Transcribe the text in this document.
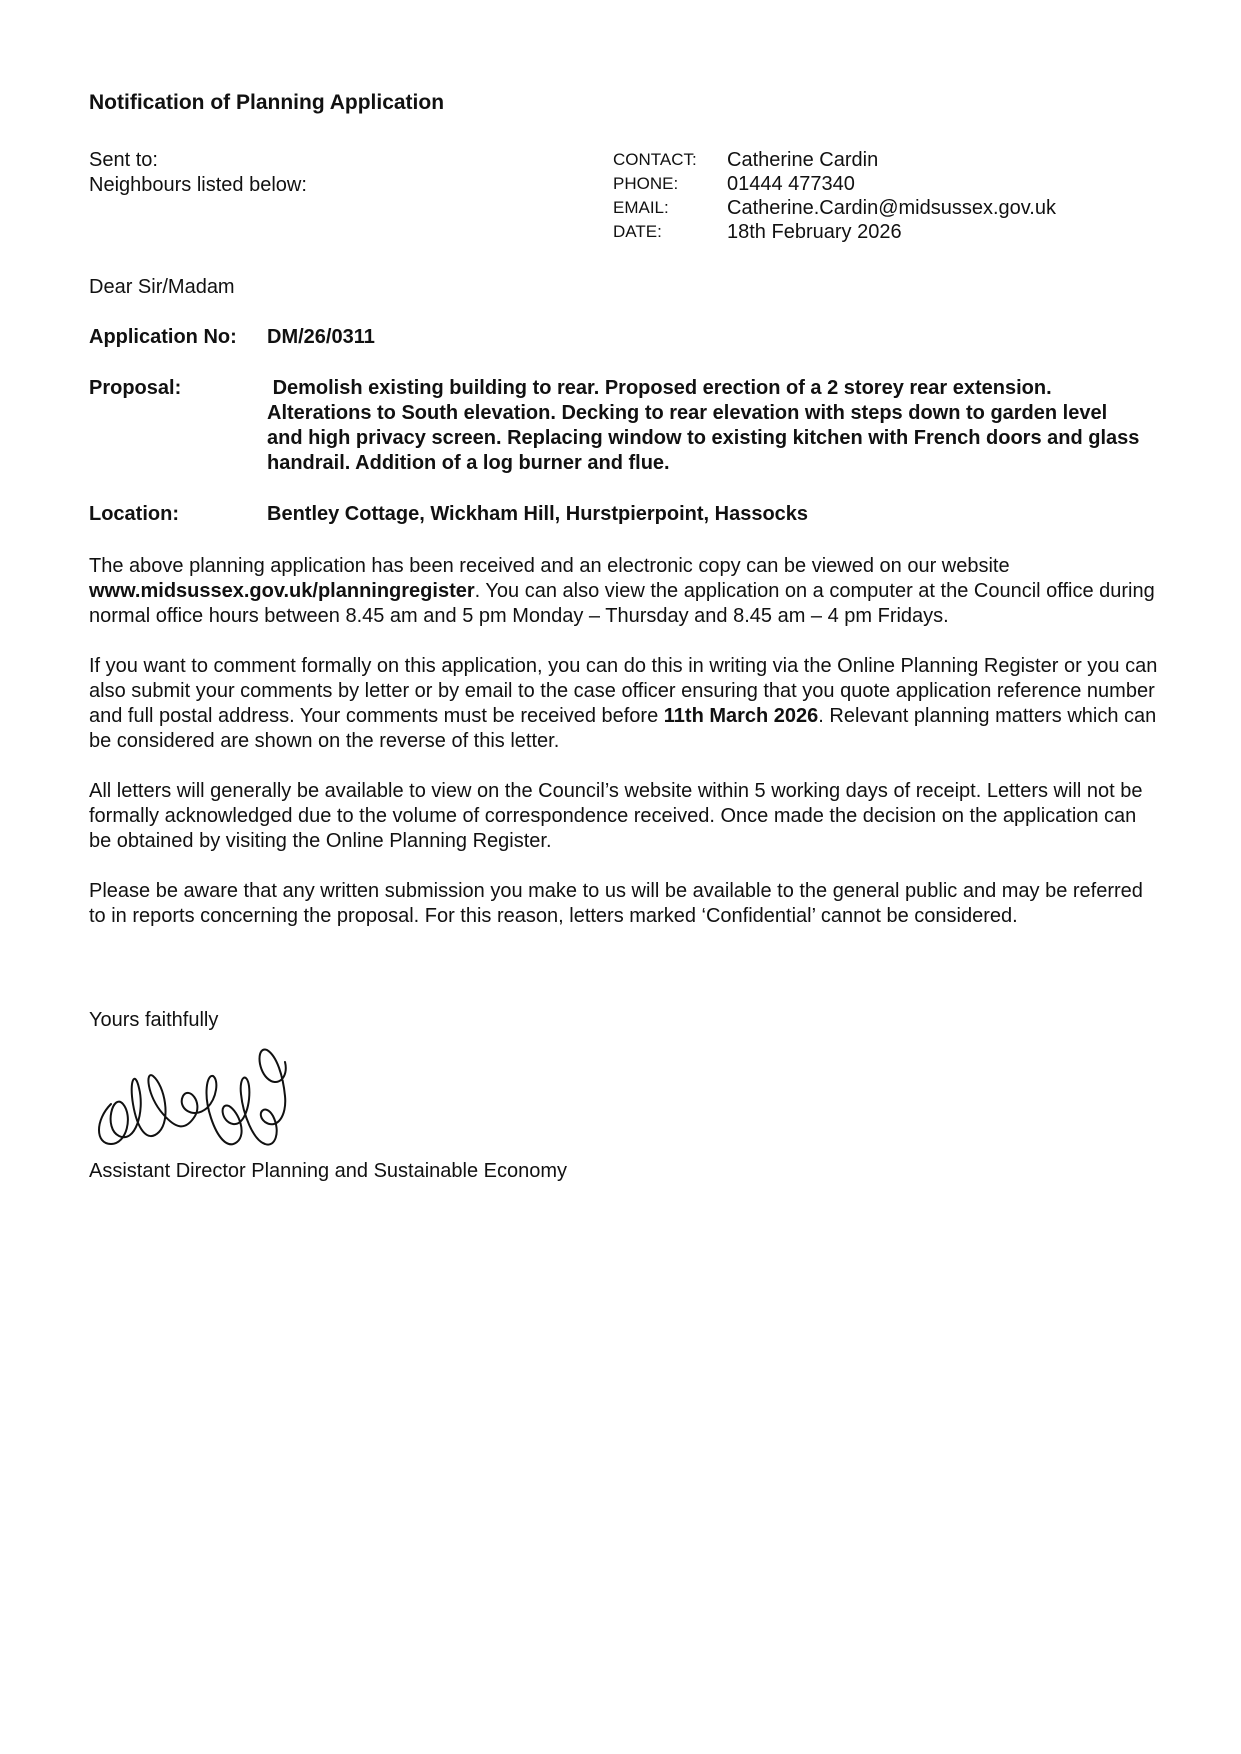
Notification of Planning Application
Sent to:
Neighbours listed below:
CONTACT:	Catherine Cardin
PHONE:	01444 477340
EMAIL:	Catherine.Cardin@midsussex.gov.uk
DATE:	18th February 2026
Dear Sir/Madam
Application No:	DM/26/0311
Proposal:	Demolish existing building to rear. Proposed erection of a 2 storey rear extension. Alterations to South elevation. Decking to rear elevation with steps down to garden level and high privacy screen. Replacing window to existing kitchen with French doors and glass handrail. Addition of a log burner and flue.
Location:	Bentley Cottage, Wickham Hill, Hurstpierpoint, Hassocks

The above planning application has been received and an electronic copy can be viewed on our website www.midsussex.gov.uk/planningregister. You can also view the application on a computer at the Council office during normal office hours between 8.45 am and 5 pm Monday – Thursday and 8.45 am – 4 pm Fridays.

If you want to comment formally on this application, you can do this in writing via the Online Planning Register or you can also submit your comments by letter or by email to the case officer ensuring that you quote application reference number and full postal address. Your comments must be received before 11th March 2026. Relevant planning matters which can be considered are shown on the reverse of this letter.

All letters will generally be available to view on the Council’s website within 5 working days of receipt. Letters will not be formally acknowledged due to the volume of correspondence received. Once made the decision on the application can be obtained by visiting the Online Planning Register.

Please be aware that any written submission you make to us will be available to the general public and may be referred to in reports concerning the proposal. For this reason, letters marked ‘Confidential’ cannot be considered.

Yours faithfully
Assistant Director Planning and Sustainable Economy
